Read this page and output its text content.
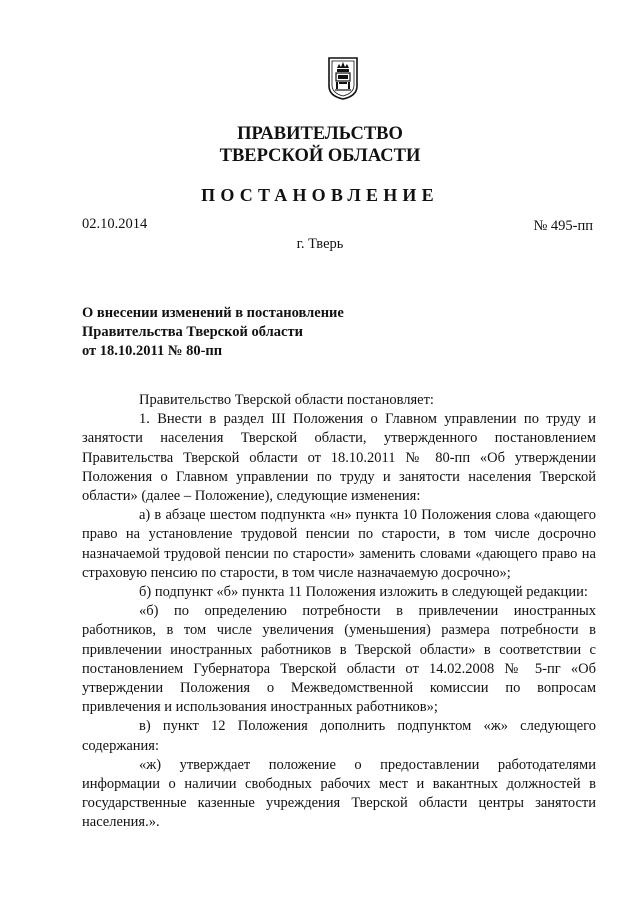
ПРАВИТЕЛЬСТВО
ТВЕРСКОЙ ОБЛАСТИ
ПОСТАНОВЛЕНИЕ
02.10.2014	№ 495-пп
г. Тверь
О внесении изменений в постановление
Правительства Тверской области
от 18.10.2011 № 80-пп

Правительство Тверской области постановляет:

1. Внести в раздел III Положения о Главном управлении по труду и занятости населения Тверской области, утвержденного постановлением Правительства Тверской области от 18.10.2011 № 80-пп «Об утверждении Положения о Главном управлении по труду и занятости населения Тверской области» (далее – Положение), следующие изменения:

а) в абзаце шестом подпункта «н» пункта 10 Положения слова «дающего право на установление трудовой пенсии по старости, в том числе досрочно назначаемой трудовой пенсии по старости» заменить словами «дающего право на страховую пенсию по старости, в том числе назначаемую досрочно»;

б) подпункт «б» пункта 11 Положения изложить в следующей редакции:

«б) по определению потребности в привлечении иностранных работников, в том числе увеличения (уменьшения) размера потребности в привлечении иностранных работников в Тверской области» в соответствии с постановлением Губернатора Тверской области от 14.02.2008 № 5-пг «Об утверждении Положения о Межведомственной комиссии по вопросам привлечения и использования иностранных работников»;

в) пункт 12 Положения дополнить подпунктом «ж» следующего содержания:

«ж) утверждает положение о предоставлении работодателями информации о наличии свободных рабочих мест и вакантных должностей в государственные казенные учреждения Тверской области центры занятости населения.».
